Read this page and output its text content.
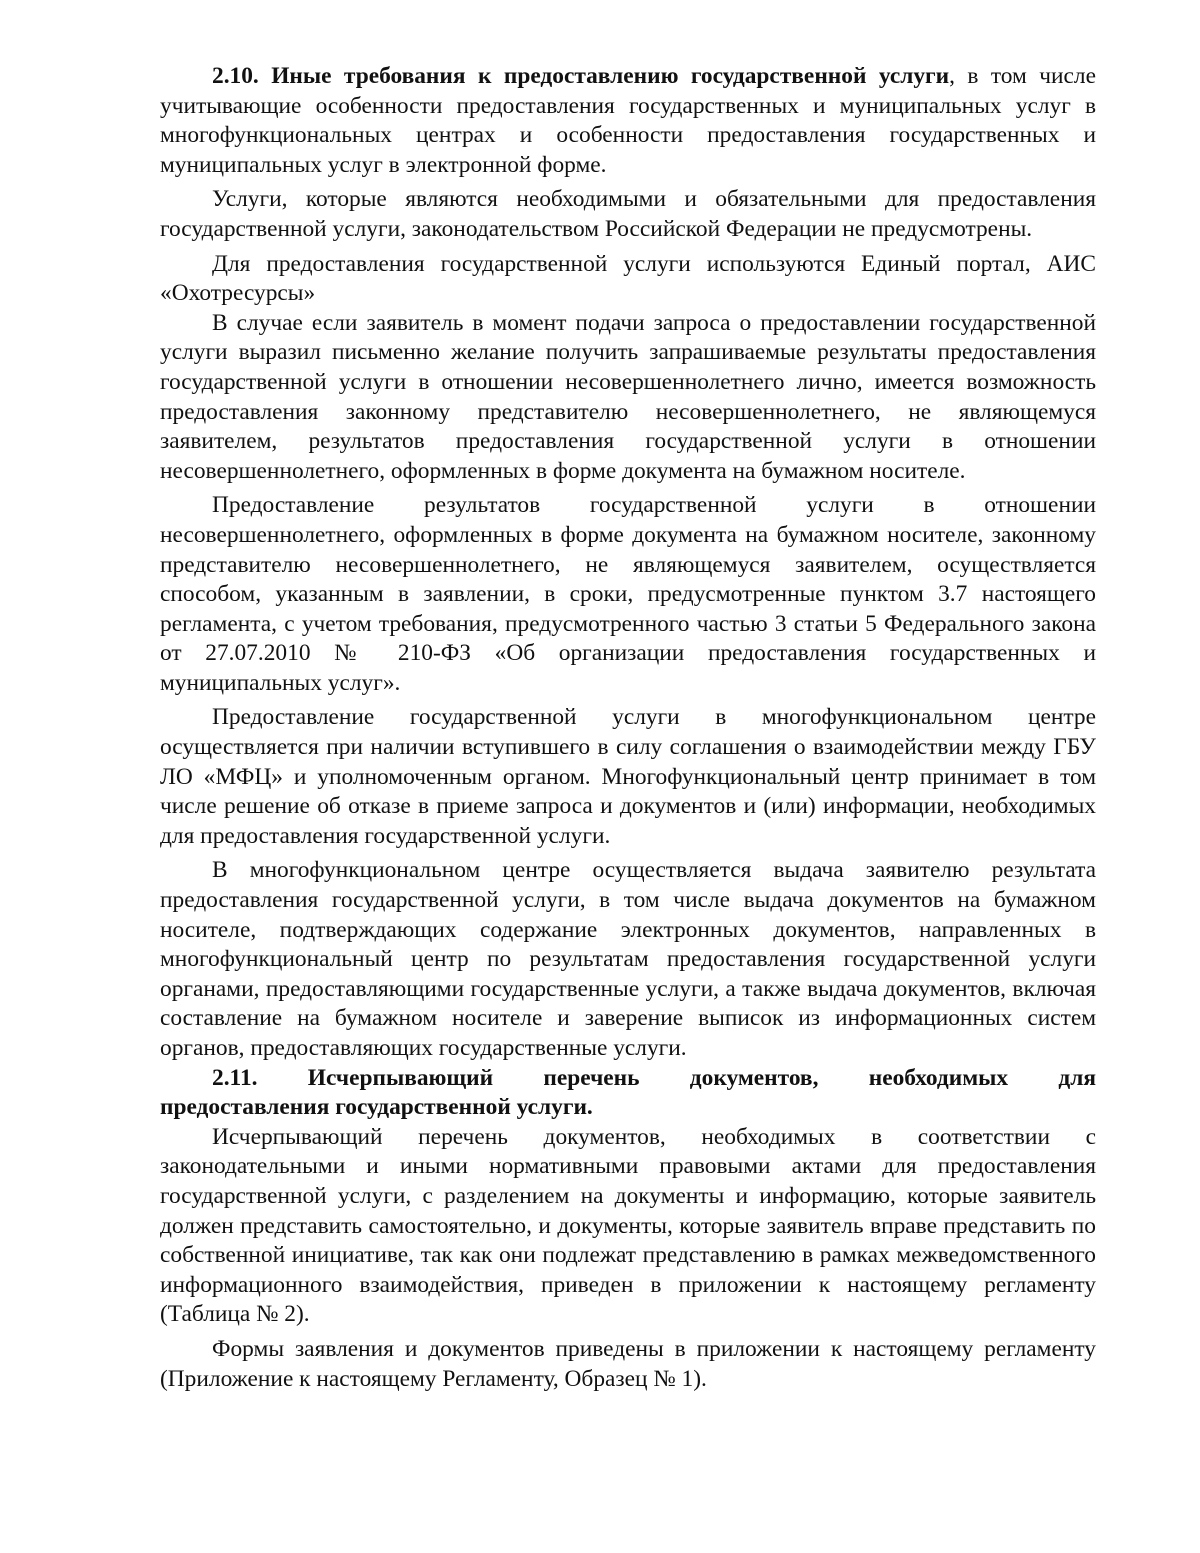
2.10. Иные требования к предоставлению государственной услуги, в том числе учитывающие особенности предоставления государственных и муниципальных услуг в многофункциональных центрах и особенности предоставления государственных и муниципальных услуг в электронной форме.

Услуги, которые являются необходимыми и обязательными для предоставления государственной услуги, законодательством Российской Федерации не предусмотрены.

Для предоставления государственной услуги используются Единый портал, АИС «Охотресурсы»

В случае если заявитель в момент подачи запроса о предоставлении государственной услуги выразил письменно желание получить запрашиваемые результаты предоставления государственной услуги в отношении несовершеннолетнего лично, имеется возможность предоставления законному представителю несовершеннолетнего, не являющемуся заявителем, результатов предоставления государственной услуги в отношении несовершеннолетнего, оформленных в форме документа на бумажном носителе.

Предоставление результатов государственной услуги в отношении несовершеннолетнего, оформленных в форме документа на бумажном носителе, законному представителю несовершеннолетнего, не являющемуся заявителем, осуществляется способом, указанным в заявлении, в сроки, предусмотренные пунктом 3.7 настоящего регламента, с учетом требования, предусмотренного частью 3 статьи 5 Федерального закона от 27.07.2010 № 210-ФЗ «Об организации предоставления государственных и муниципальных услуг».

Предоставление государственной услуги в многофункциональном центре осуществляется при наличии вступившего в силу соглашения о взаимодействии между ГБУ ЛО «МФЦ» и уполномоченным органом. Многофункциональный центр принимает в том числе решение об отказе в приеме запроса и документов и (или) информации, необходимых для предоставления государственной услуги.

В многофункциональном центре осуществляется выдача заявителю результата предоставления государственной услуги, в том числе выдача документов на бумажном носителе, подтверждающих содержание электронных документов, направленных в многофункциональный центр по результатам предоставления государственной услуги органами, предоставляющими государственные услуги, а также выдача документов, включая составление на бумажном носителе и заверение выписок из информационных систем органов, предоставляющих государственные услуги.

2.11. Исчерпывающий перечень документов, необходимых для

предоставления государственной услуги.

Исчерпывающий перечень документов, необходимых в соответствии с законодательными и иными нормативными правовыми актами для предоставления государственной услуги, с разделением на документы и информацию, которые заявитель должен представить самостоятельно, и документы, которые заявитель вправе представить по собственной инициативе, так как они подлежат представлению в рамках межведомственного информационного взаимодействия, приведен в приложении к настоящему регламенту (Таблица № 2).

Формы заявления и документов приведены в приложении к настоящему регламенту (Приложение к настоящему Регламенту, Образец № 1).
